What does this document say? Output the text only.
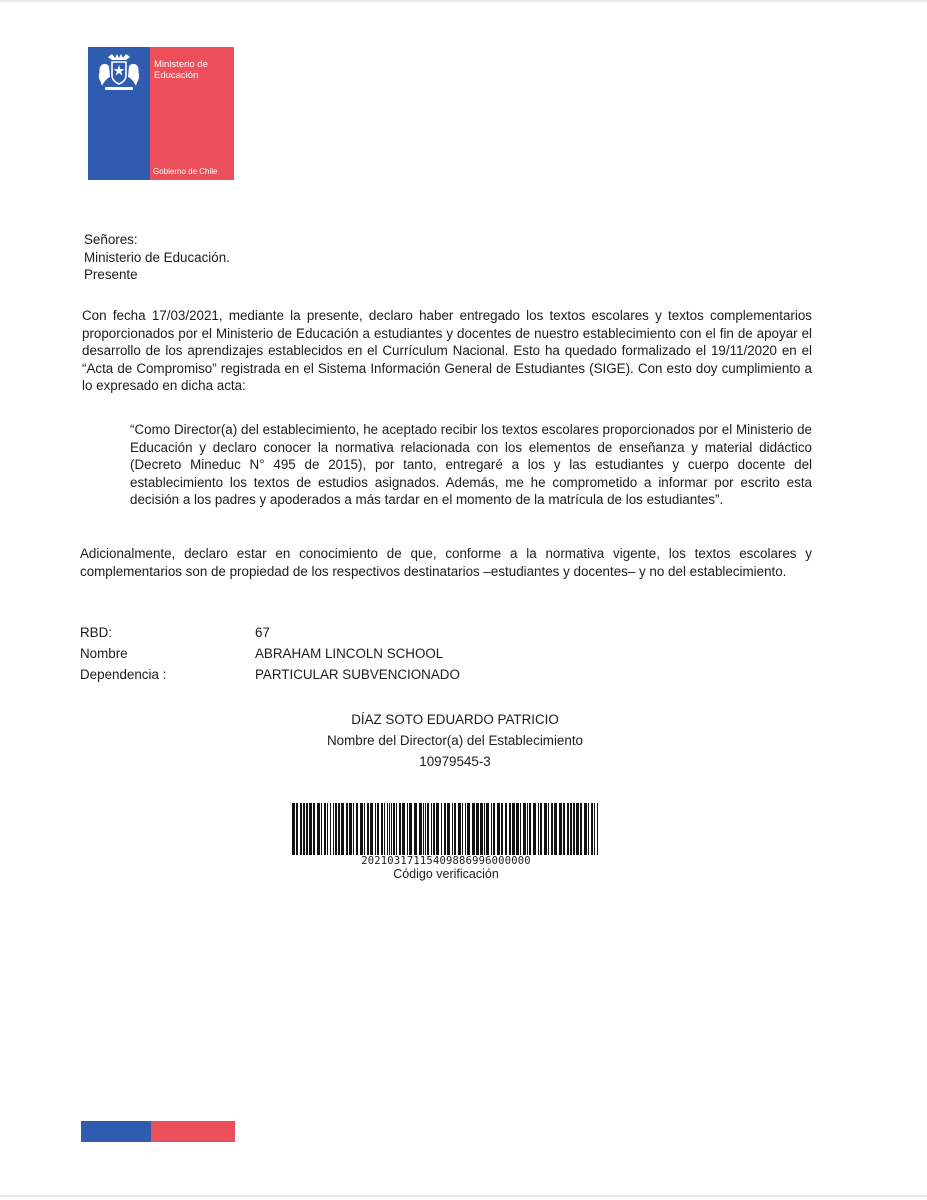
Ministerio de
Educación
Gobierno de Chile
Señores:
Ministerio de Educación.
Presente
Con fecha 17/03/2021, mediante la presente, declaro haber entregado los textos escolares y textos complementarios proporcionados por el Ministerio de Educación a estudiantes y docentes de nuestro establecimiento con el fin de apoyar el desarrollo de los aprendizajes establecidos en el Currículum Nacional. Esto ha quedado formalizado el 19/11/2020 en el “Acta de Compromiso” registrada en el Sistema Información General de Estudiantes (SIGE). Con esto doy cumplimiento a lo expresado en dicha acta:
“Como Director(a) del establecimiento, he aceptado recibir los textos escolares proporcionados por el Ministerio de Educación y declaro conocer la normativa relacionada con los elementos de enseñanza y material didáctico (Decreto Mineduc N° 495 de 2015), por tanto, entregaré a los y las estudiantes y cuerpo docente del establecimiento los textos de estudios asignados. Además, me he comprometido a informar por escrito esta decisión a los padres y apoderados a más tardar en el momento de la matrícula de los estudiantes”.
Adicionalmente, declaro estar en conocimiento de que, conforme a la normativa vigente, los textos escolares y complementarios son de propiedad de los respectivos destinatarios –estudiantes y docentes– y no del establecimiento.
RBD:	67
Nombre	ABRAHAM LINCOLN SCHOOL
Dependencia :	PARTICULAR SUBVENCIONADO
DÍAZ SOTO EDUARDO PATRICIO
Nombre del Director(a) del Establecimiento
10979545-3
20210317115409886996000000
Código verificación
